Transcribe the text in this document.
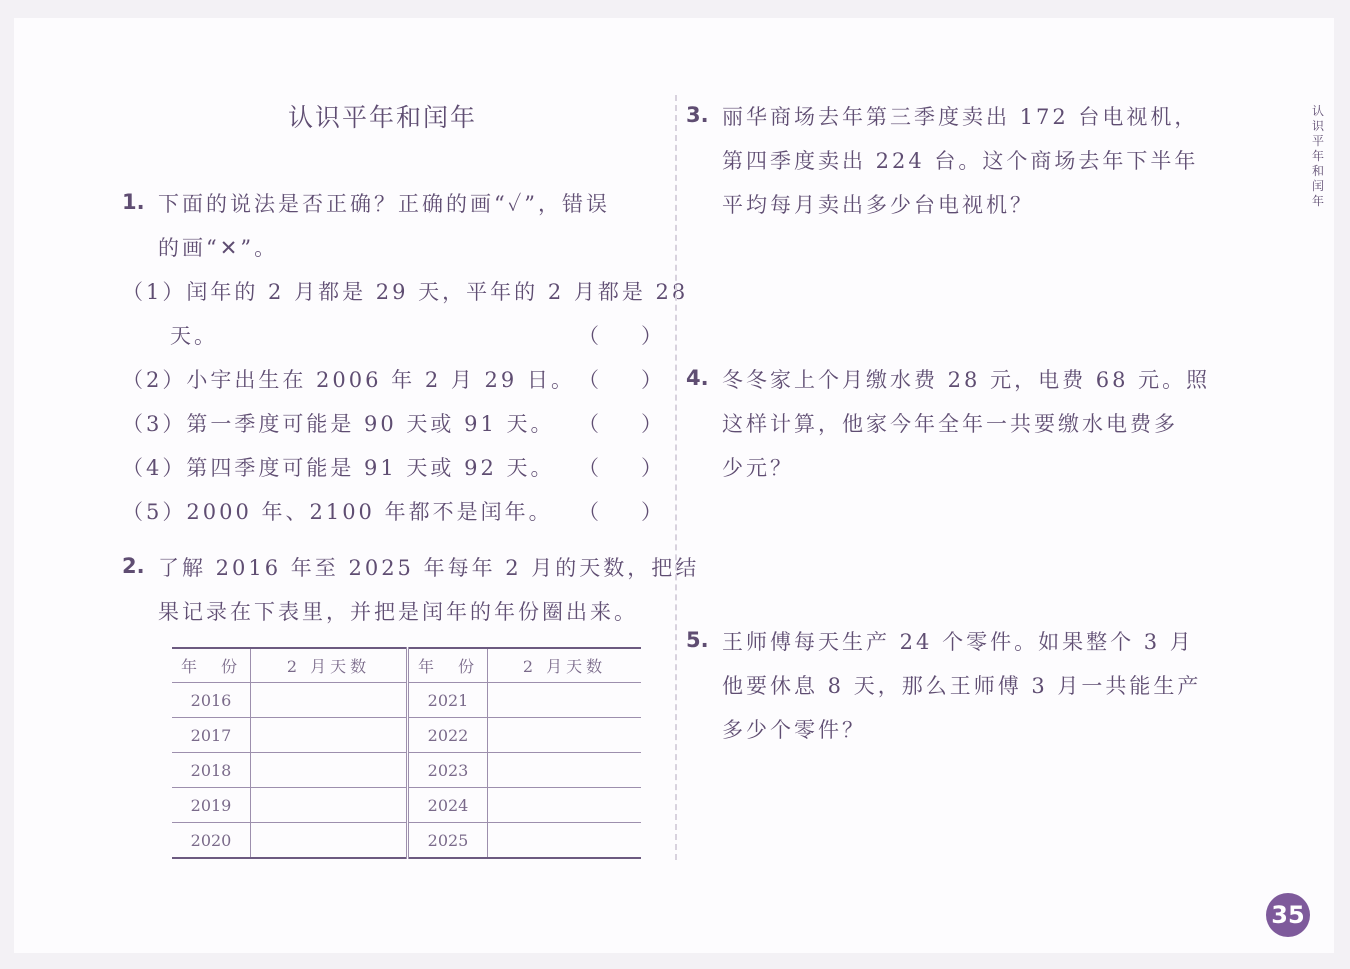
认识平年和闰年
1. 下面的说法是否正确？正确的画“✓”，错误
的画“✕”。
（1）闰年的 2 月都是 29 天，平年的 2 月都是 28
天。	（　　）
（2）小宇出生在 2006 年 2 月 29 日。 （　　）
（3）第一季度可能是 90 天或 91 天。 （　　）
（4）第四季度可能是 91 天或 92 天。 （　　）
（5）2000 年、2100 年都不是闰年。 （　　）
2. 了解 2016 年至 2025 年每年 2 月的天数，把结
果记录在下表里，并把是闰年的年份圈出来。
年　份	2 月天数	年　份	2 月天数
2016		2021	
2017		2022	
2018		2023	
2019		2024	
2020		2025	
3. 丽华商场去年第三季度卖出 172 台电视机，
第四季度卖出 224 台。这个商场去年下半年
平均每月卖出多少台电视机？
4. 冬冬家上个月缴水费 28 元，电费 68 元。照
这样计算，他家今年全年一共要缴水电费多
少元？
5. 王师傅每天生产 24 个零件。如果整个 3 月
他要休息 8 天，那么王师傅 3 月一共能生产
多少个零件？
认识平年和闰年
35
